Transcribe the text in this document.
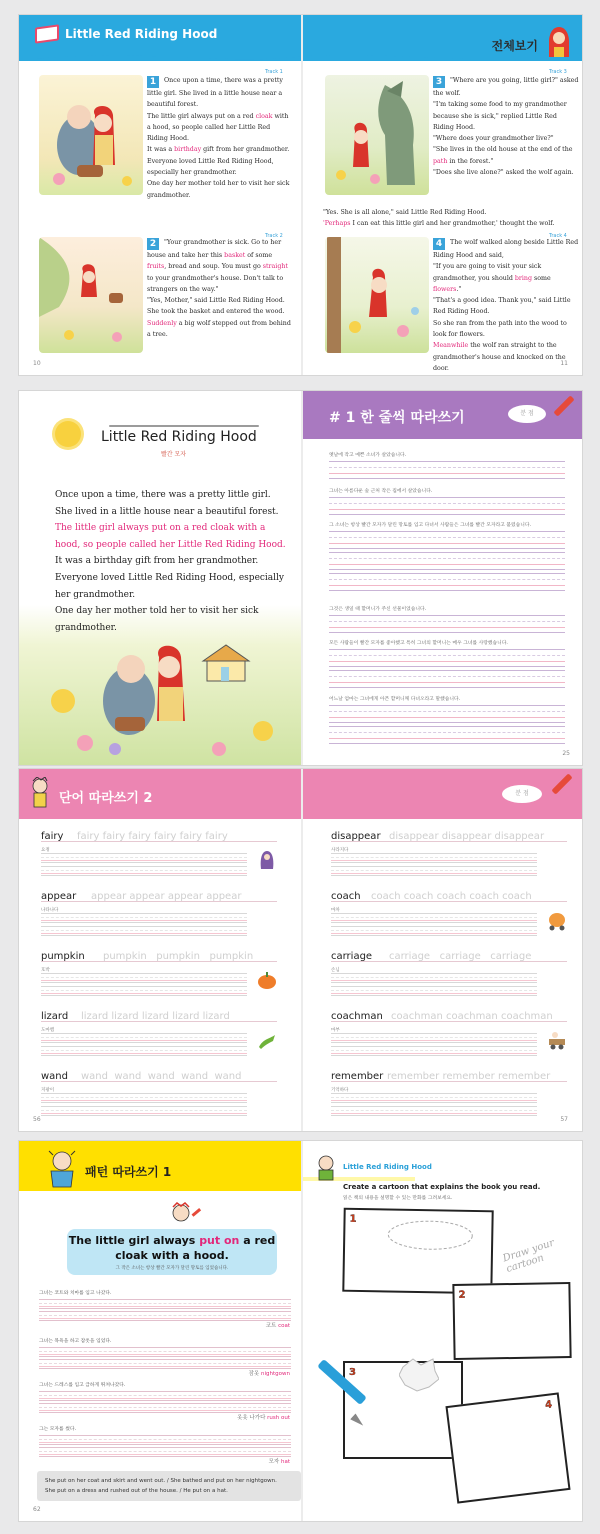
Little Red Riding Hood
전체보기
Track 1
1 Once upon a time, there was a pretty little girl. She lived in a little house near a beautiful forest.
The little girl always put on a red cloak with a hood, so people called her Little Red Riding Hood.
It was a birthday gift from her grandmother. Everyone loved Little Red Riding Hood, especially her grandmother.
One day her mother told her to visit her sick grandmother.
Track 2
2 "Your grandmother is sick. Go to her house and take her this basket of some fruits, bread and soup. You must go straight to your grandmother's house. Don't talk to strangers on the way."
"Yes, Mother," said Little Red Riding Hood.
She took the basket and entered the wood.
Suddenly a big wolf stepped out from behind a tree.
Track 3
3 "Where are you going, little girl?" asked the wolf.
"I'm taking some food to my grandmother because she is sick," replied Little Red Riding Hood.
"Where does your grandmother live?"
"She lives in the old house at the end of the path in the forest."
"Does she live alone?" asked the wolf again.
"Yes. She is all alone," said Little Red Riding Hood.
'Perhaps I can eat this little girl and her grandmother,' thought the wolf.
Track 4
4 The wolf walked along beside Little Red Riding Hood and said,
"If you are going to visit your sick grandmother, you should bring some flowers."
"That's a good idea. Thank you," said Little Red Riding Hood.
So she ran from the path into the wood to look for flowers.
Meanwhile the wolf ran straight to the grandmother's house and knocked on the door.
10	11
Little Red Riding Hood
빨간 모자

Once upon a time, there was a pretty little girl.

She lived in a little house near a beautiful forest.

The little girl always put on a red cloak with a

hood, so people called her Little Red Riding Hood.

It was a birthday gift from her grandmother.

Everyone loved Little Red Riding Hood, especially

her grandmother.

One day her mother told her to visit her sick

grandmother.

# 1 한 줄씩 따라쓰기	분 점
옛날에 작고 예쁜 소녀가 살았습니다.
그녀는 아름다운 숲 근처 작은 집에서 살았습니다.
그 소녀는 항상 빨간 모자가 달린 망토를 입고 다녀서 사람들은 그녀를 빨간 모자라고 불렀습니다.
그것은 생일 때 할머니가 주신 선물이었습니다.
모든 사람들이 빨간 모자를 좋아했고 특히 그녀의 할머니는 매우 그녀를 사랑했습니다.
어느날 엄마는 그녀에게 아픈 할머니께 다녀오라고 말했습니다.
25
단어 따라쓰기 2	분 점
fairy fairy fairy fairy fairy fairy fairy
요정
appear appear appear appear appear
나타나다
pumpkin pumpkin pumpkin pumpkin
호박
lizard lizard lizard lizard lizard lizard
도마뱀
wand wand wand wand wand wand
지팡이
disappear disappear disappear disappear
사라지다
coach coach coach coach coach coach
마차
carriage carriage carriage carriage
손님
coachman coachman coachman coachman
마부
remember remember remember remember
기억하다
56	57
패턴 따라쓰기 1
The little girl always put on a red cloak with a hood.
그 작은 소녀는 항상 빨간 모자가 달린 망토를 입었습니다.
그녀는 코트와 치마를 입고 나갔다.
코트 coat
그녀는 목욕을 하고 잠옷을 입었다.
잠옷 nightgown
그녀는 드레스를 입고 급하게 뛰쳐나갔다.
옷옷 나가다 rush out
그는 모자를 썼다.
모자 hat
She put on her coat and skirt and went out. / She bathed and put on her nightgown.
She put on a dress and rushed out of the house. / He put on a hat.
62
Little Red Riding Hood
Create a cartoon that explains the book you read.
읽은 책의 내용을 설명할 수 있는 만화를 그려보세요.
Draw your cartoon
1
2
3
4
